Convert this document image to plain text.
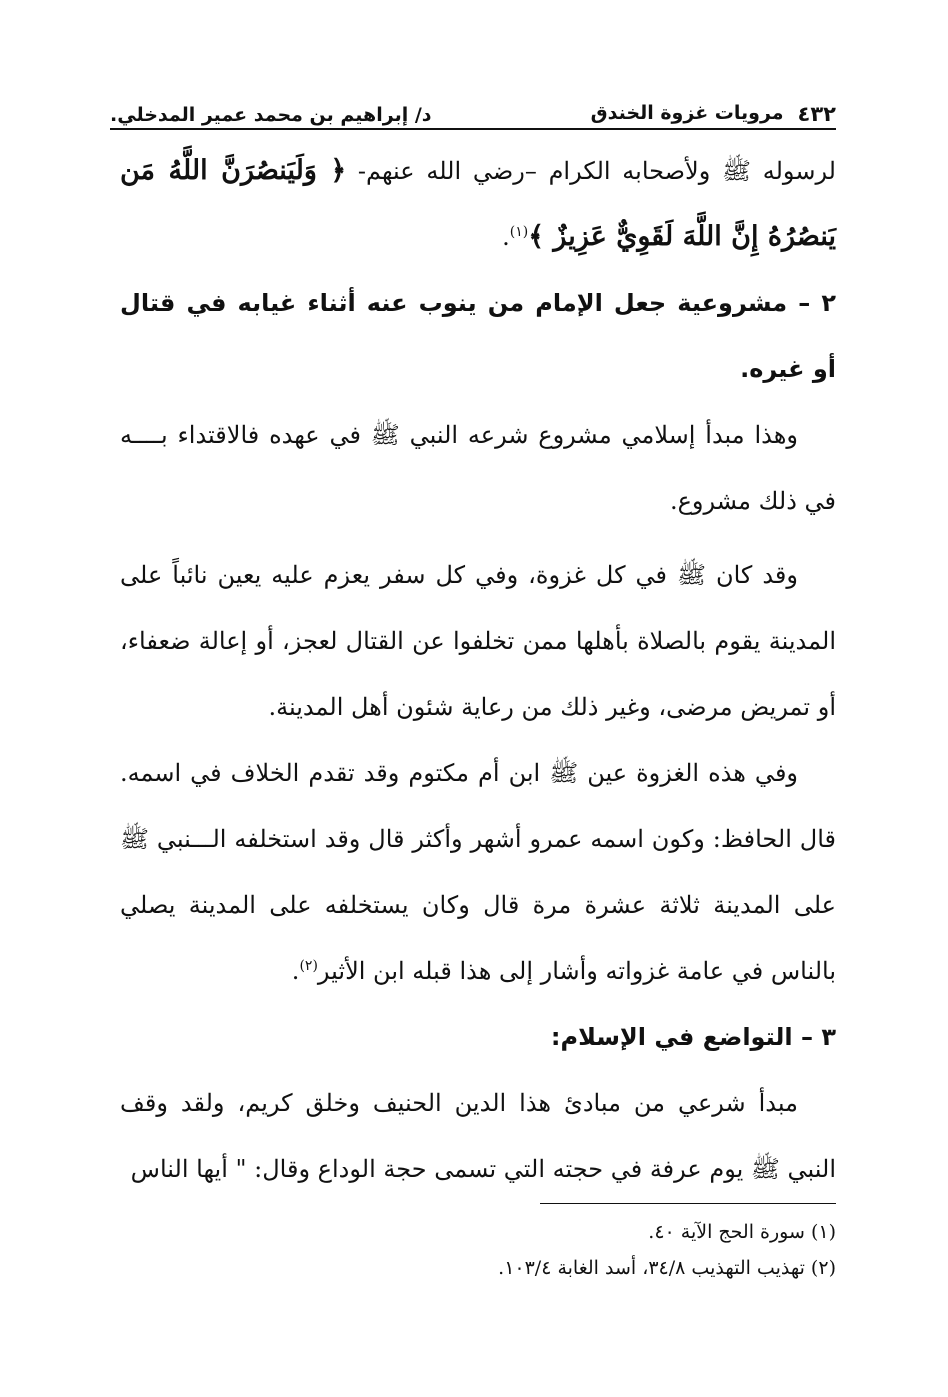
٤٣٢
مرويات غزوة الخندق
د/ إبراهيم بن محمد عمير المدخلي.

لرسوله ﷺ ولأصحابه الكرام –رضي الله عنهم- ﴿ وَلَيَنصُرَنَّ اللَّهُ مَن يَنصُرُهُ إِنَّ اللَّهَ لَقَوِيٌّ عَزِيزٌ ﴾$^{(١)}$.

٢ – مشروعية جعل الإمام من ينوب عنه أثناء غيابه في قتال أو غيره.

وهذا مبدأ إسلامي مشروع شرعه النبي ﷺ في عهده فالاقتداء بــــه في ذلك مشروع.

وقد كان ﷺ في كل غزوة، وفي كل سفر يعزم عليه يعين نائباً على المدينة يقوم بالصلاة بأهلها ممن تخلفوا عن القتال لعجز، أو إعالة ضعفاء، أو تمريض مرضى، وغير ذلك من رعاية شئون أهل المدينة.

وفي هذه الغزوة عين ﷺ ابن أم مكتوم وقد تقدم الخلاف في اسمه. قال الحافظ: وكون اسمه عمرو أشهر وأكثر قال وقد استخلفه الـــنبي ﷺ على المدينة ثلاثة عشرة مرة قال وكان يستخلفه على المدينة يصلي بالناس في عامة غزواته وأشار إلى هذا قبله ابن الأثير$^{(٢)}$.

٣ – التواضع في الإسلام:

مبدأ شرعي من مبادئ هذا الدين الحنيف وخلق كريم، ولقد وقف النبي ﷺ يوم عرفة في حجته التي تسمى حجة الوداع وقال: " أيها الناس

(١) سورة الحج الآية ٤٠.

(٢) تهذيب التهذيب ٣٤/٨، أسد الغابة ١٠٣/٤.
